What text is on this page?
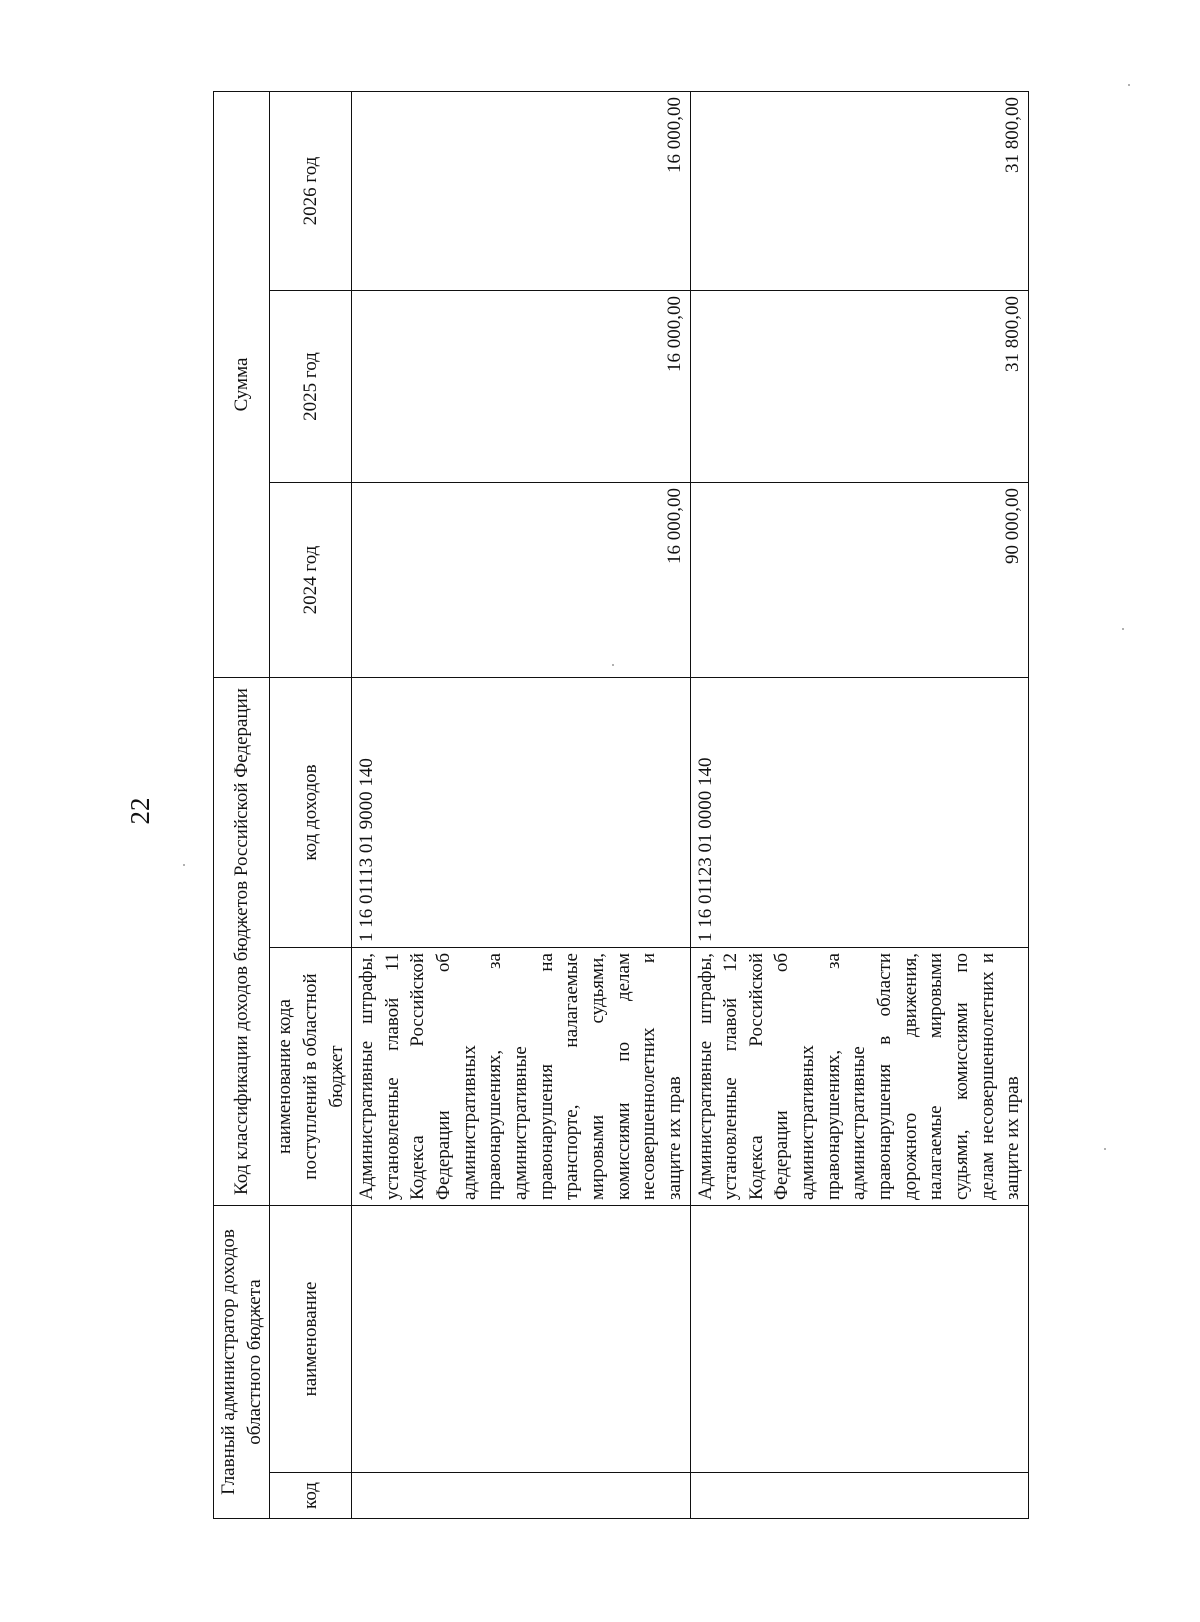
22
Главный администратор доходов областного бюджета		Код классификации доходов бюджетов Российской Федерации		Сумма		
код	наименование	наименование кода поступлений в областной бюджет	код доходов	2024 год	2025 год	2026 год
		Административные штрафы, установленные главой 11 Кодекса Российской Федерации об административных правонарушениях, за административные правонарушения на транспорте, налагаемые мировыми судьями, комиссиями по делам несовершеннолетних и защите их прав	1 16 01113 01 9000 140	16 000,00	16 000,00	16 000,00
		Административные штрафы, установленные главой 12 Кодекса Российской Федерации об административных правонарушениях, за административные правонарушения в области дорожного движения, налагаемые мировыми судьями, комиссиями по делам несовершеннолетних и защите их прав	1 16 01123 01 0000 140	90 000,00	31 800,00	31 800,00
